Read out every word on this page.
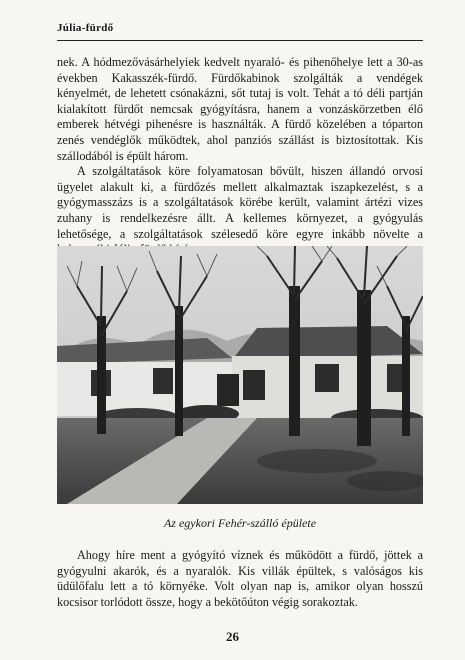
Júlia-fürdő

nek. A hódmezővásárhelyiek kedvelt nyaraló- és pihenőhelye lett a 30-as években Kakasszék-fürdő. Fürdőkabinok szolgálták a vendégek kényelmét, de lehetett csónakázni, sőt tutaj is volt. Tehát a tó déli partján kialakított fürdőt nemcsak gyógyításra, hanem a vonzáskörzetben élő emberek hétvégi pihenésre is használták. A fürdő közelében a tóparton zenés vendéglők működtek, ahol panziós szállást is biztosítottak. Kis szállodából is épült három.

A szolgáltatások köre folyamatosan bővült, hiszen állandó orvosi ügyelet alakult ki, a fürdőzés mellett alkalmaztak iszapkezelést, s a gyógymasszázs is a szolgáltatások körébe került, valamint ártézi vizes zuhany is rendelkezésre állt. A kellemes környezet, a gyógyulás lehetősége, a szolgáltatások szélesedő köre egyre inkább növelte a

Az egykori Fehér-szálló épülete

Ahogy híre ment a gyógyító víznek és működött a fürdő, jöttek a gyógyulni akarók, és a nyaralók. Kis villák épültek, s valóságos kis üdülőfalu lett a tó környéke. Volt olyan nap is, amikor olyan hosszú kocsisor torlódott össze, hogy a bekötőúton végig sorakoztak.

26
